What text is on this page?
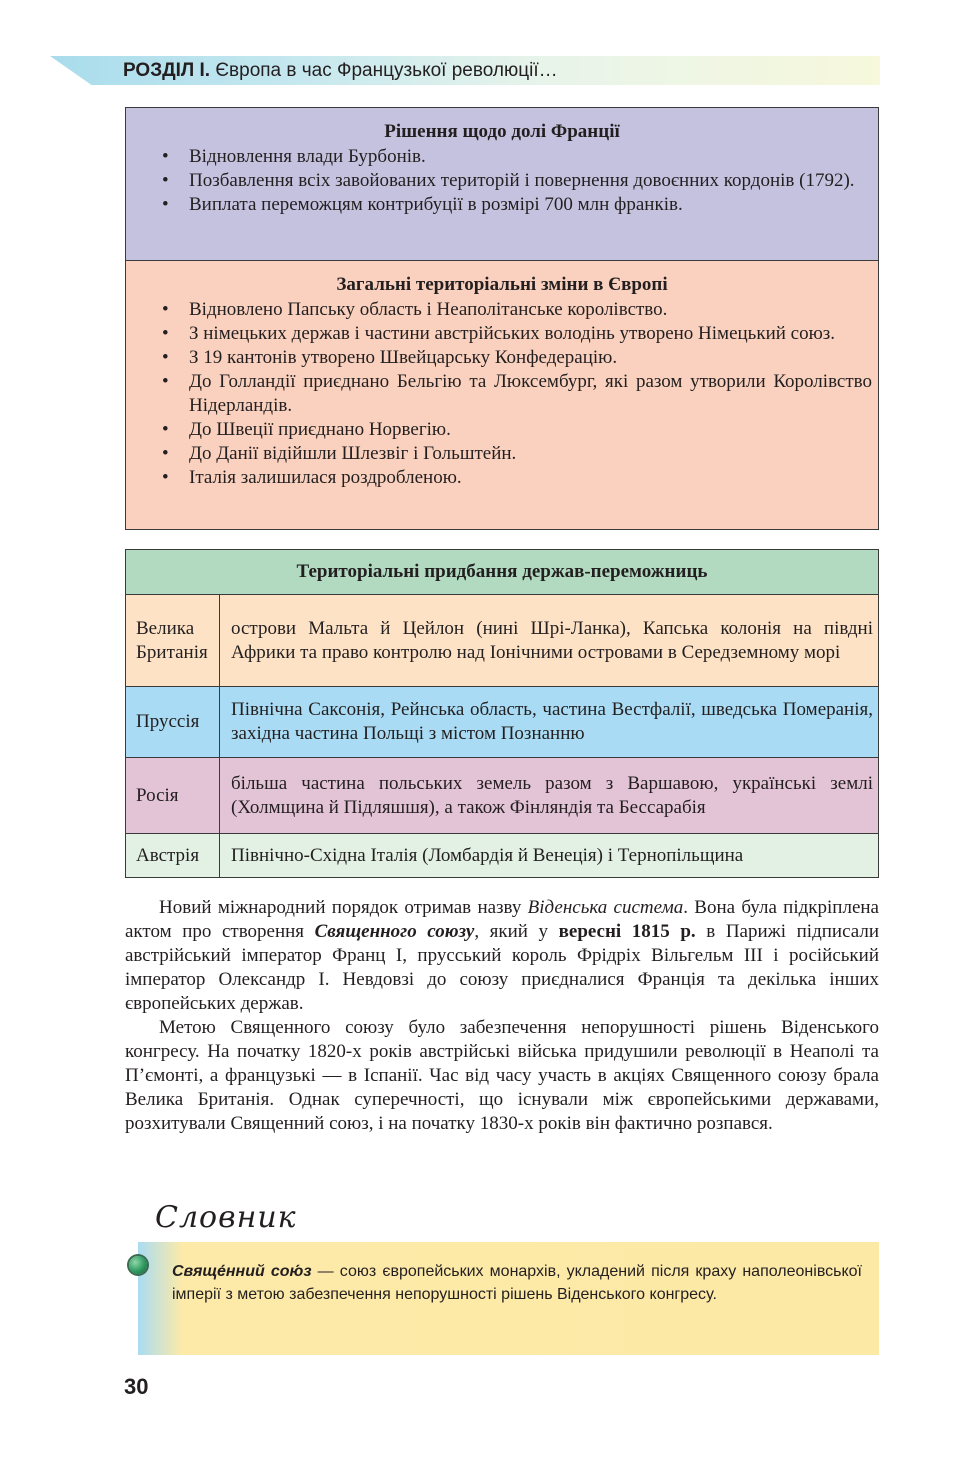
РОЗДІЛ І. Європа в час Французької революції…
Рішення щодо долі Франції
• Відновлення влади Бурбонів.
• Позбавлення всіх завойованих територій і повернення довоєнних кордонів (1792).
• Виплата переможцям контрибуції в розмірі 700 млн франків.
Загальні територіальні зміни в Європі
• Відновлено Папську область і Неаполітанське королівство.
• З німецьких держав і частини австрійських володінь утворено Німецький союз.
• З 19 кантонів утворено Швейцарську Конфедерацію.
• До Голландії приєднано Бельгію та Люксембург, які разом утворили Королівство Нідерландів.
• До Швеції приєднано Норвегію.
• До Данії відійшли Шлезвіг і Гольштейн.
• Італія залишилася роздробленою.
Територіальні придбання держав-переможниць	
Велика Британія	острови Мальта й Цейлон (нині Шрі-Ланка), Капська колонія на півдні Африки та право контролю над Іонічними островами в Середземному морі
Пруссія	Північна Саксонія, Рейнська область, частина Вестфалії, шведська Померанія, західна частина Польщі з містом Познанню
Росія	більша частина польських земель разом з Варшавою, українські землі (Холмщина й Підляшшя), а також Фінляндія та Бессарабія
Австрія	Північно-Східна Італія (Ломбардія й Венеція) і Тернопільщина

Новий міжнародний порядок отримав назву Віденська система. Вона була підкріплена актом про створення Священного союзу, який у вересні 1815 р. в Парижі підписали австрійський імператор Франц І, прусський король Фрідріх Вільгельм ІІІ і російський імператор Олександр І. Невдовзі до союзу приєдналися Франція та декілька інших європейських держав.

Метою Священного союзу було забезпечення непорушності рішень Віденського конгресу. На початку 1820-х років австрійські війська придушили революції в Неаполі та П’ємонті, а французькі — в Іспанії. Час від часу участь в акціях Священного союзу брала Велика Британія. Однак суперечності, що існували між європейськими державами, розхитували Священний союз, і на початку 1830-х років він фактично розпався.

Словник
Свяще́нний сою́з — союз європейських монархів, укладений після краху наполеонівської імперії з метою забезпечення непорушності рішень Віденського конгресу.
30
